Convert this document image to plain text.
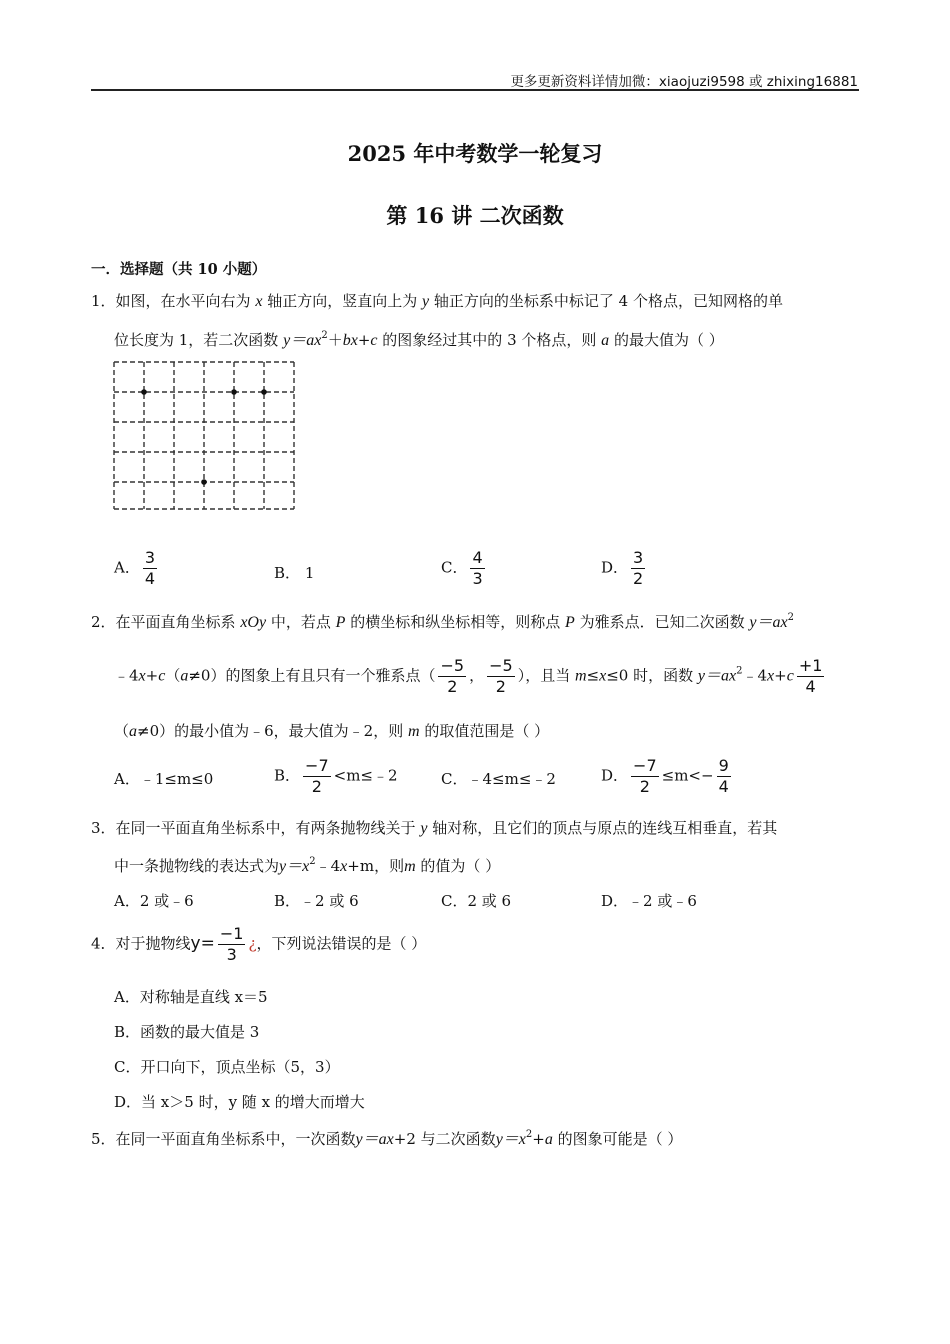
更多更新资料详情加微：xiaojuzi9598 或 zhixing16881
2025 年中考数学一轮复习
第 16 讲 二次函数
一．选择题（共 10 小题）
1．如图，在水平向右为 x 轴正方向，竖直向上为 y 轴正方向的坐标系中标记了 4 个格点，已知网格的单
位长度为 1，若二次函数 $y=ax^2+bx+c$ 的图象经过其中的 3 个格点，则 a 的最大值为（ ）
A． $\frac{3}{4}$	B． 1	C． $\frac{4}{3}$	D． $\frac{3}{2}$
2．在平面直角坐标系 xOy 中，若点 P 的横坐标和纵坐标相等，则称点 P 为雅系点．已知二次函数 $y=ax^2$
﹣4x+c（a≠0）的图象上有且只有一个雅系点（ $\frac{-5}{2}$ ， $\frac{-5}{2}$ ），且当 m≤x≤0 时，函数 $y=ax^2﹣4x+c \frac{+1}{4}$
（a≠0）的最小值为﹣6，最大值为﹣2，则 m 的取值范围是（ ）
A．﹣1≤m≤0	B． $\frac{-7}{2}$ <m≤﹣2	C．﹣4≤m≤﹣2	D． $\frac{-7}{2} \le m<- \frac{9}{4}$
3．在同一平面直角坐标系中，有两条抛物线关于 y 轴对称，且它们的顶点与原点的连线互相垂直，若其
中一条抛物线的表达式为$y=x^2﹣4x+m$，则m 的值为（ ）
A．2 或﹣6	B．﹣2 或 6	C．2 或 6	D．﹣2 或﹣6
4．对于抛物线$y= \frac{-1}{3}$ ¿，下列说法错误的是（ ）
A．对称轴是直线 x＝5
B．函数的最大值是 3
C．开口向下，顶点坐标（5，3）
D．当 x＞5 时，y 随 x 的增大而增大
5．在同一平面直角坐标系中，一次函数y＝ax+2 与二次函数$y=x^2+a$ 的图象可能是（ ）
